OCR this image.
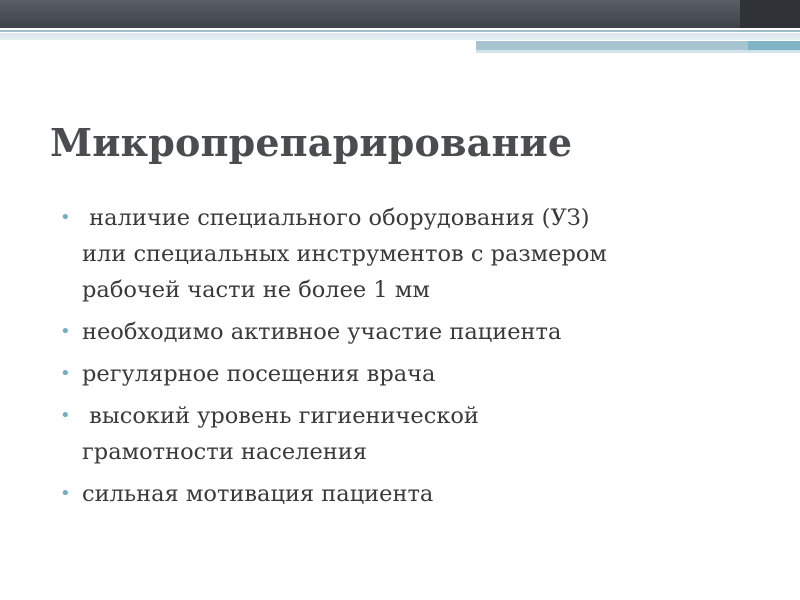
Микропрепарирование
• наличие специального оборудования (УЗ)
или специальных инструментов с размером
рабочей части не более 1 мм
• необходимо активное участие пациента
• регулярное посещения врача
• высокий уровень гигиенической
грамотности населения
• сильная мотивация пациента
